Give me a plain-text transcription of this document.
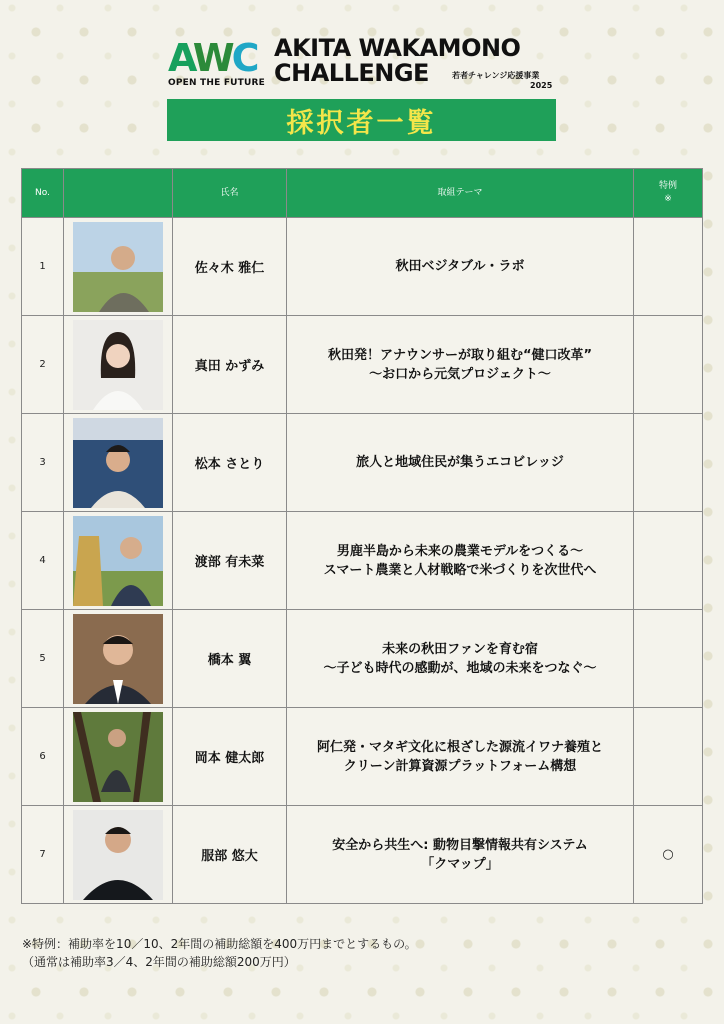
AWC
OPEN THE FUTURE
AKITA WAKAMONO
CHALLENGE	若者チャレンジ応援事業
2025
採択者一覧
No.		氏名	取組テーマ	特例
※
1		佐々木 雅仁	秋田ベジタブル・ラボ	

2		真田 かずみ	秋田発！アナウンサーが取り組む“健口改革”
～お口から元気プロジェクト～	

3		松本 さとり	旅人と地域住民が集うエコビレッジ	

4		渡部 有未菜	男鹿半島から未来の農業モデルをつくる～
スマート農業と人材戦略で米づくりを次世代へ	

5		橋本 翼	未来の秋田ファンを育む宿
～子ども時代の感動が、地域の未来をつなぐ～	

6		岡本 健太郎	阿仁発・マタギ文化に根ざした源流イワナ養殖と
クリーン計算資源プラットフォーム構想	

7		服部 悠大	安全から共生へ: 動物目撃情報共有システム
「クマップ」	○
※特例：補助率を10／10、2年間の補助総額を400万円までとするもの。
（通常は補助率3／4、2年間の補助総額200万円）
